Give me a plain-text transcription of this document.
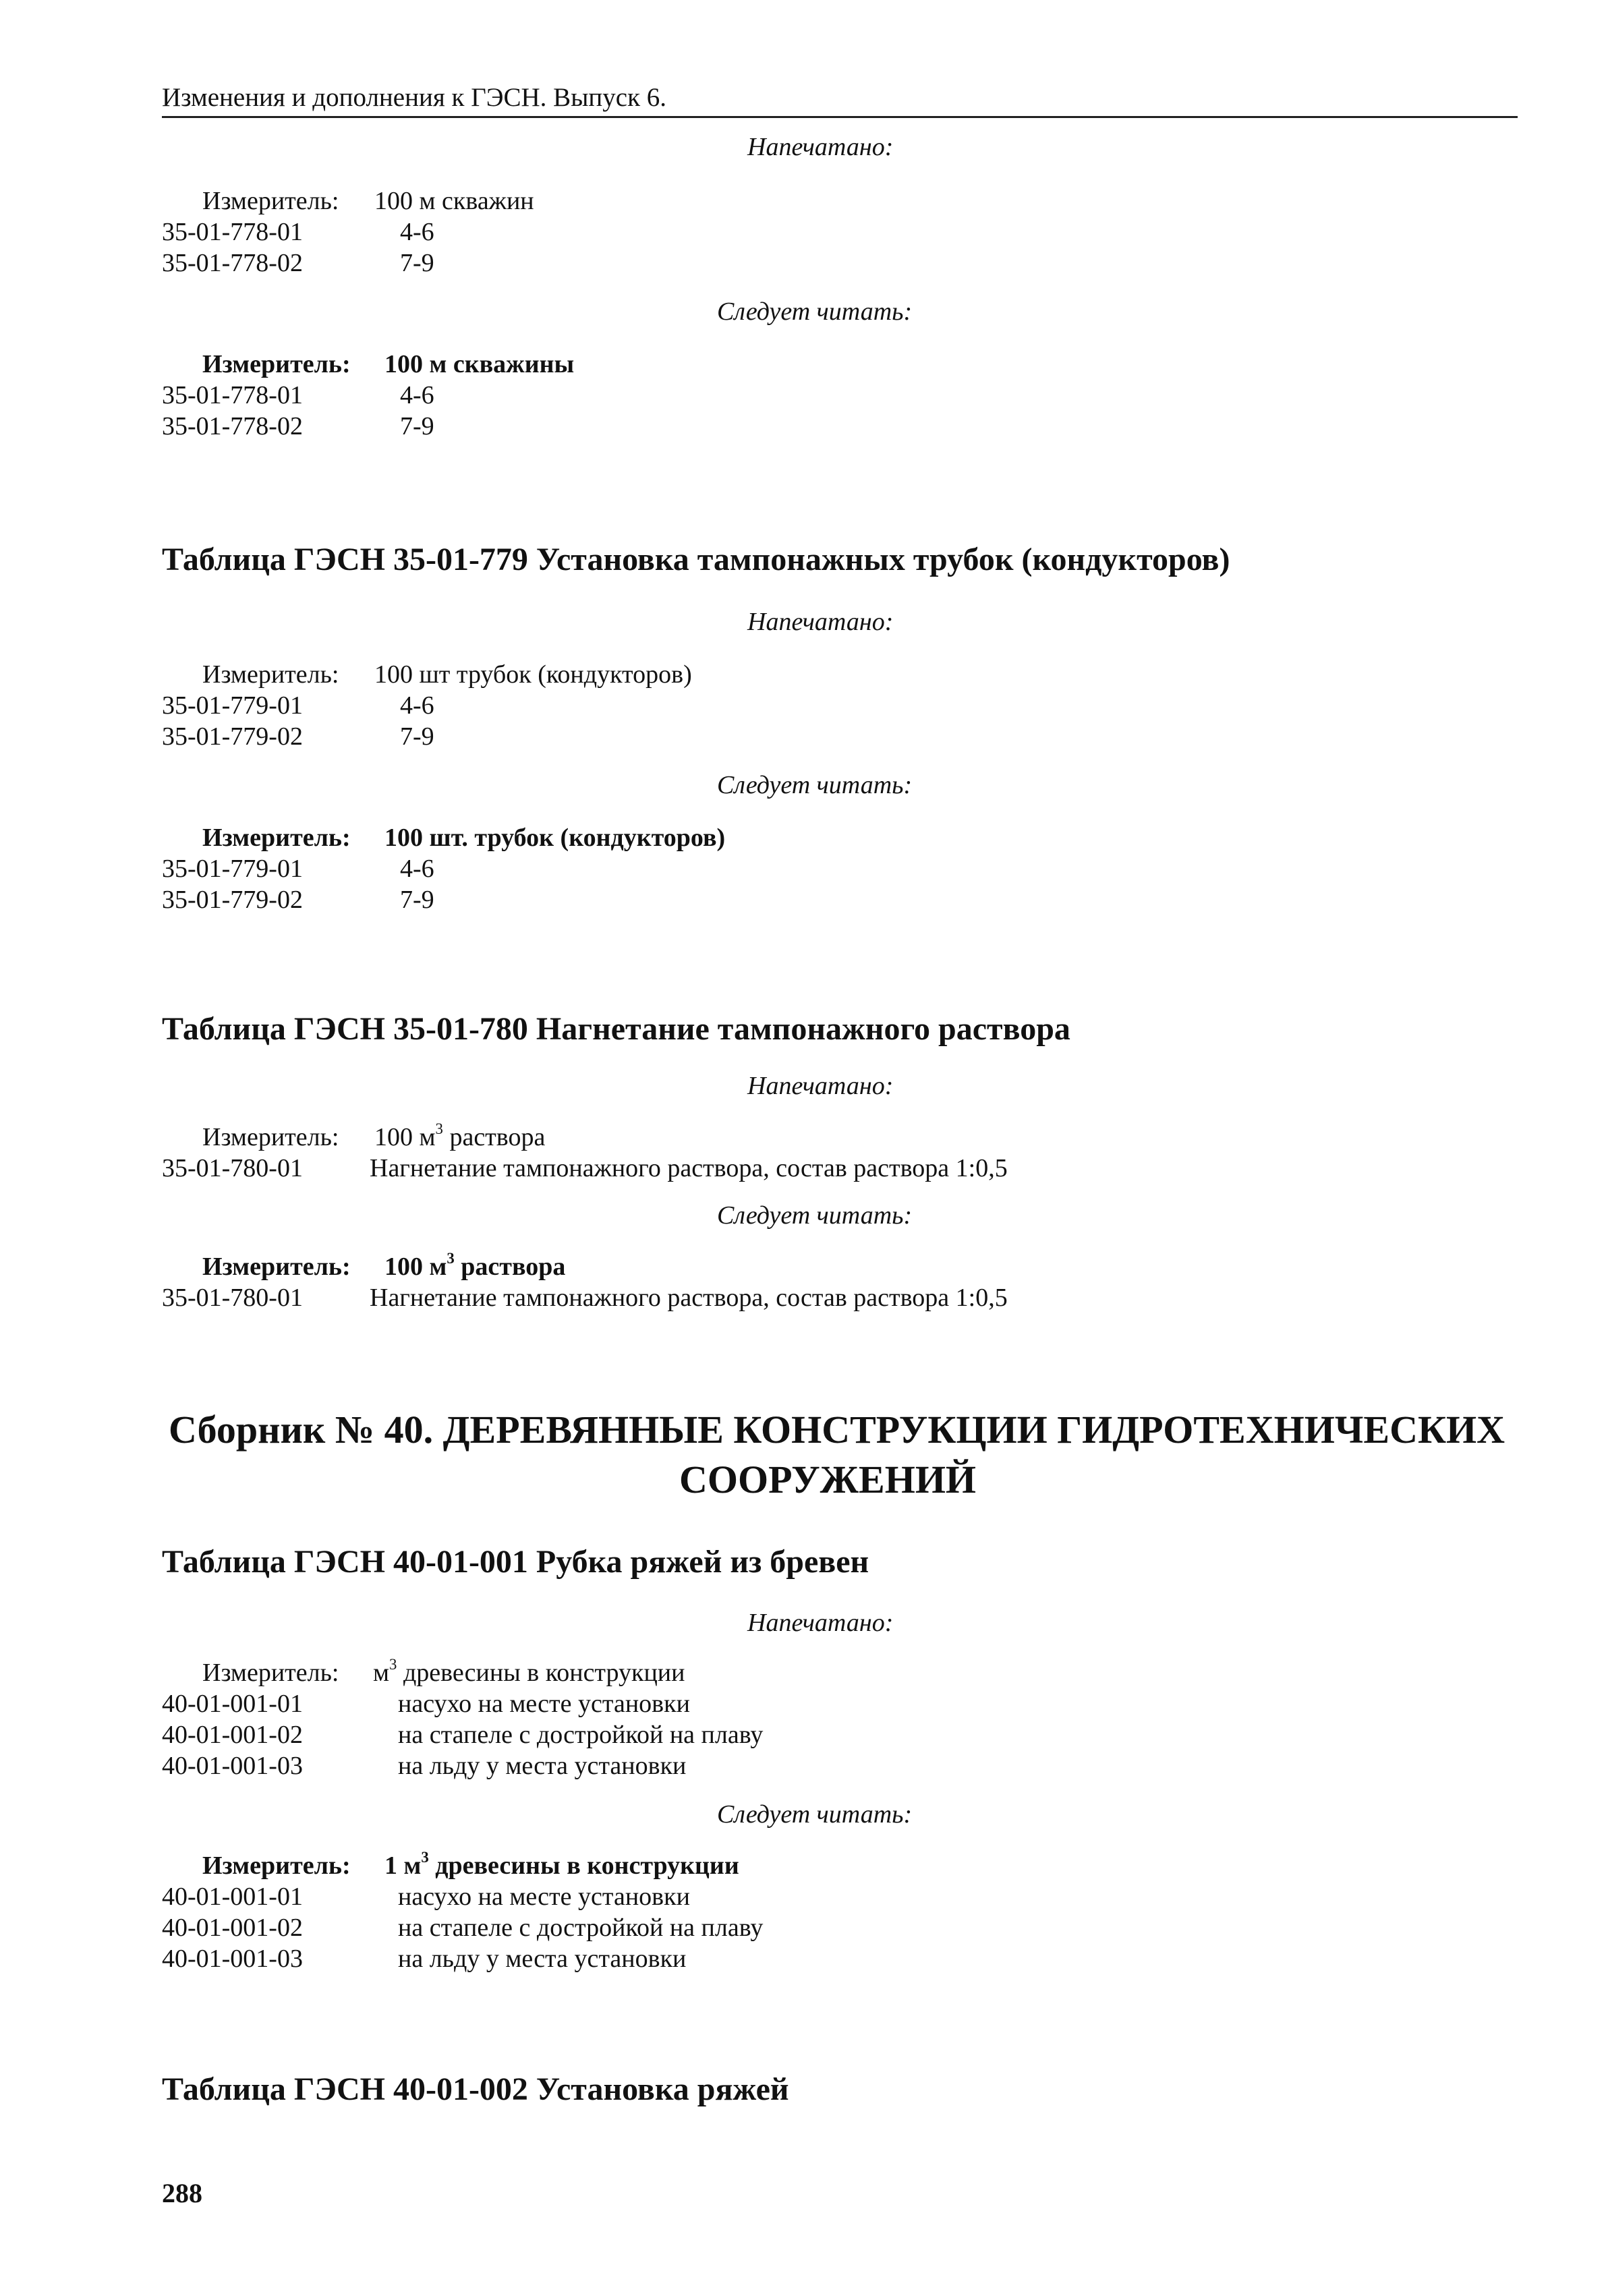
Изменения и дополнения к ГЭСН. Выпуск 6.
Напечатано:
Измеритель: 100 м скважин
35-01-778-01	4-6
35-01-778-02	7-9
Следует читать:
Измеритель: 100 м скважины
35-01-778-01	4-6
35-01-778-02	7-9
Таблица ГЭСН 35-01-779 Установка тампонажных трубок (кондукторов)
Напечатано:
Измеритель: 100 шт трубок (кондукторов)
35-01-779-01	4-6
35-01-779-02	7-9
Следует читать:
Измеритель: 100 шт. трубок (кондукторов)
35-01-779-01	4-6
35-01-779-02	7-9
Таблица ГЭСН 35-01-780 Нагнетание тампонажного раствора
Напечатано:
Измеритель: 100 $м^3$ раствора
35-01-780-01	Нагнетание тампонажного раствора, состав раствора 1:0,5
Следует читать:
Измеритель: 100 $м^3$ раствора
35-01-780-01	Нагнетание тампонажного раствора, состав раствора 1:0,5
Сборник № 40. ДЕРЕВЯННЫЕ КОНСТРУКЦИИ ГИДРОТЕХНИЧЕСКИХ
СООРУЖЕНИЙ
Таблица ГЭСН 40-01-001 Рубка ряжей из бревен
Напечатано:
Измеритель: $м^3$ древесины в конструкции
40-01-001-01	насухо на месте установки
40-01-001-02	на стапеле с достройкой на плаву
40-01-001-03	на льду у места установки
Следует читать:
Измеритель: 1 $м^3$ древесины в конструкции
40-01-001-01	насухо на месте установки
40-01-001-02	на стапеле с достройкой на плаву
40-01-001-03	на льду у места установки
Таблица ГЭСН 40-01-002 Установка ряжей
288
